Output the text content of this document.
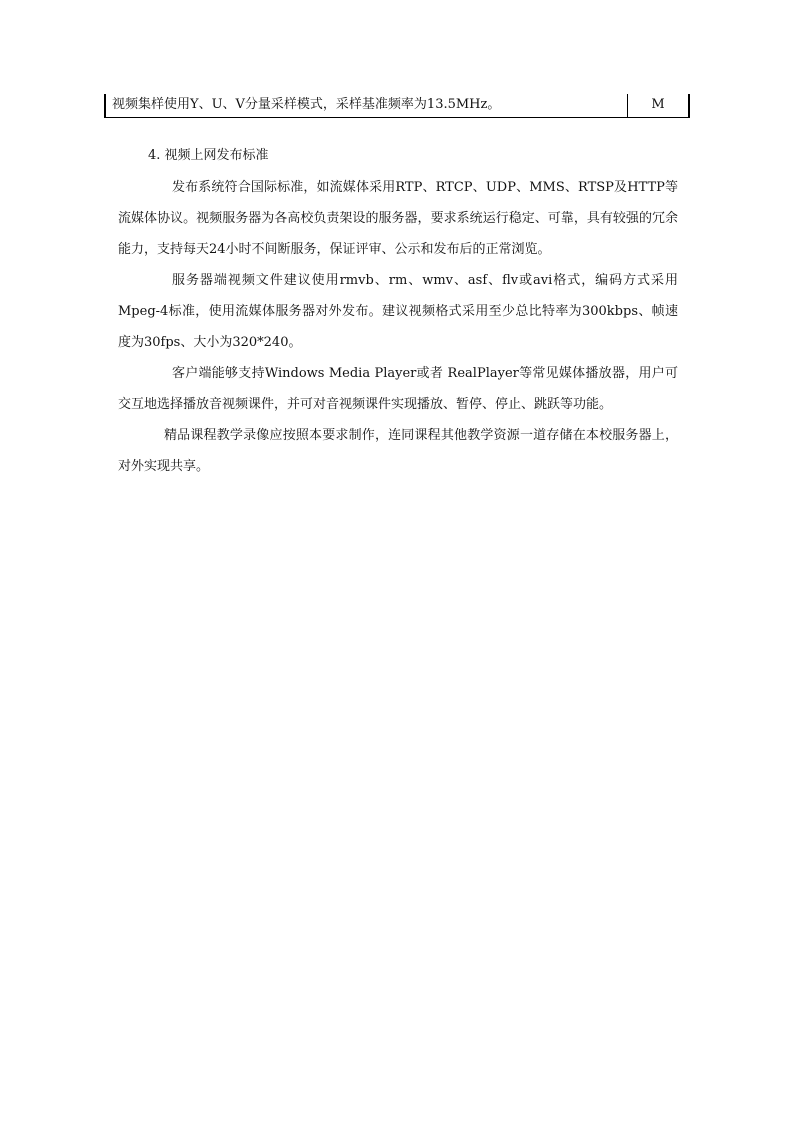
视频集样使用Y、U、V分量采样模式，采样基准频率为13.5MHz。	M
4. 视频上网发布标准

发布系统符合国际标准，如流媒体采用RTP、RTCP、UDP、MMS、RTSP及HTTP等流媒体协议。视频服务器为各高校负责架设的服务器，要求系统运行稳定、可靠，具有较强的冗余能力，支持每天24小时不间断服务，保证评审、公示和发布后的正常浏览。

服务器端视频文件建议使用rmvb、rm、wmv、asf、flv或avi格式，编码方式采用Mpeg-4标准，使用流媒体服务器对外发布。建议视频格式采用至少总比特率为300kbps、帧速度为30fps、大小为320*240。

客户端能够支持Windows Media Player或者 RealPlayer等常见媒体播放器，用户可交互地选择播放音视频课件，并可对音视频课件实现播放、暂停、停止、跳跃等功能。

精品课程教学录像应按照本要求制作，连同课程其他教学资源一道存储在本校服务器上，对外实现共享。
